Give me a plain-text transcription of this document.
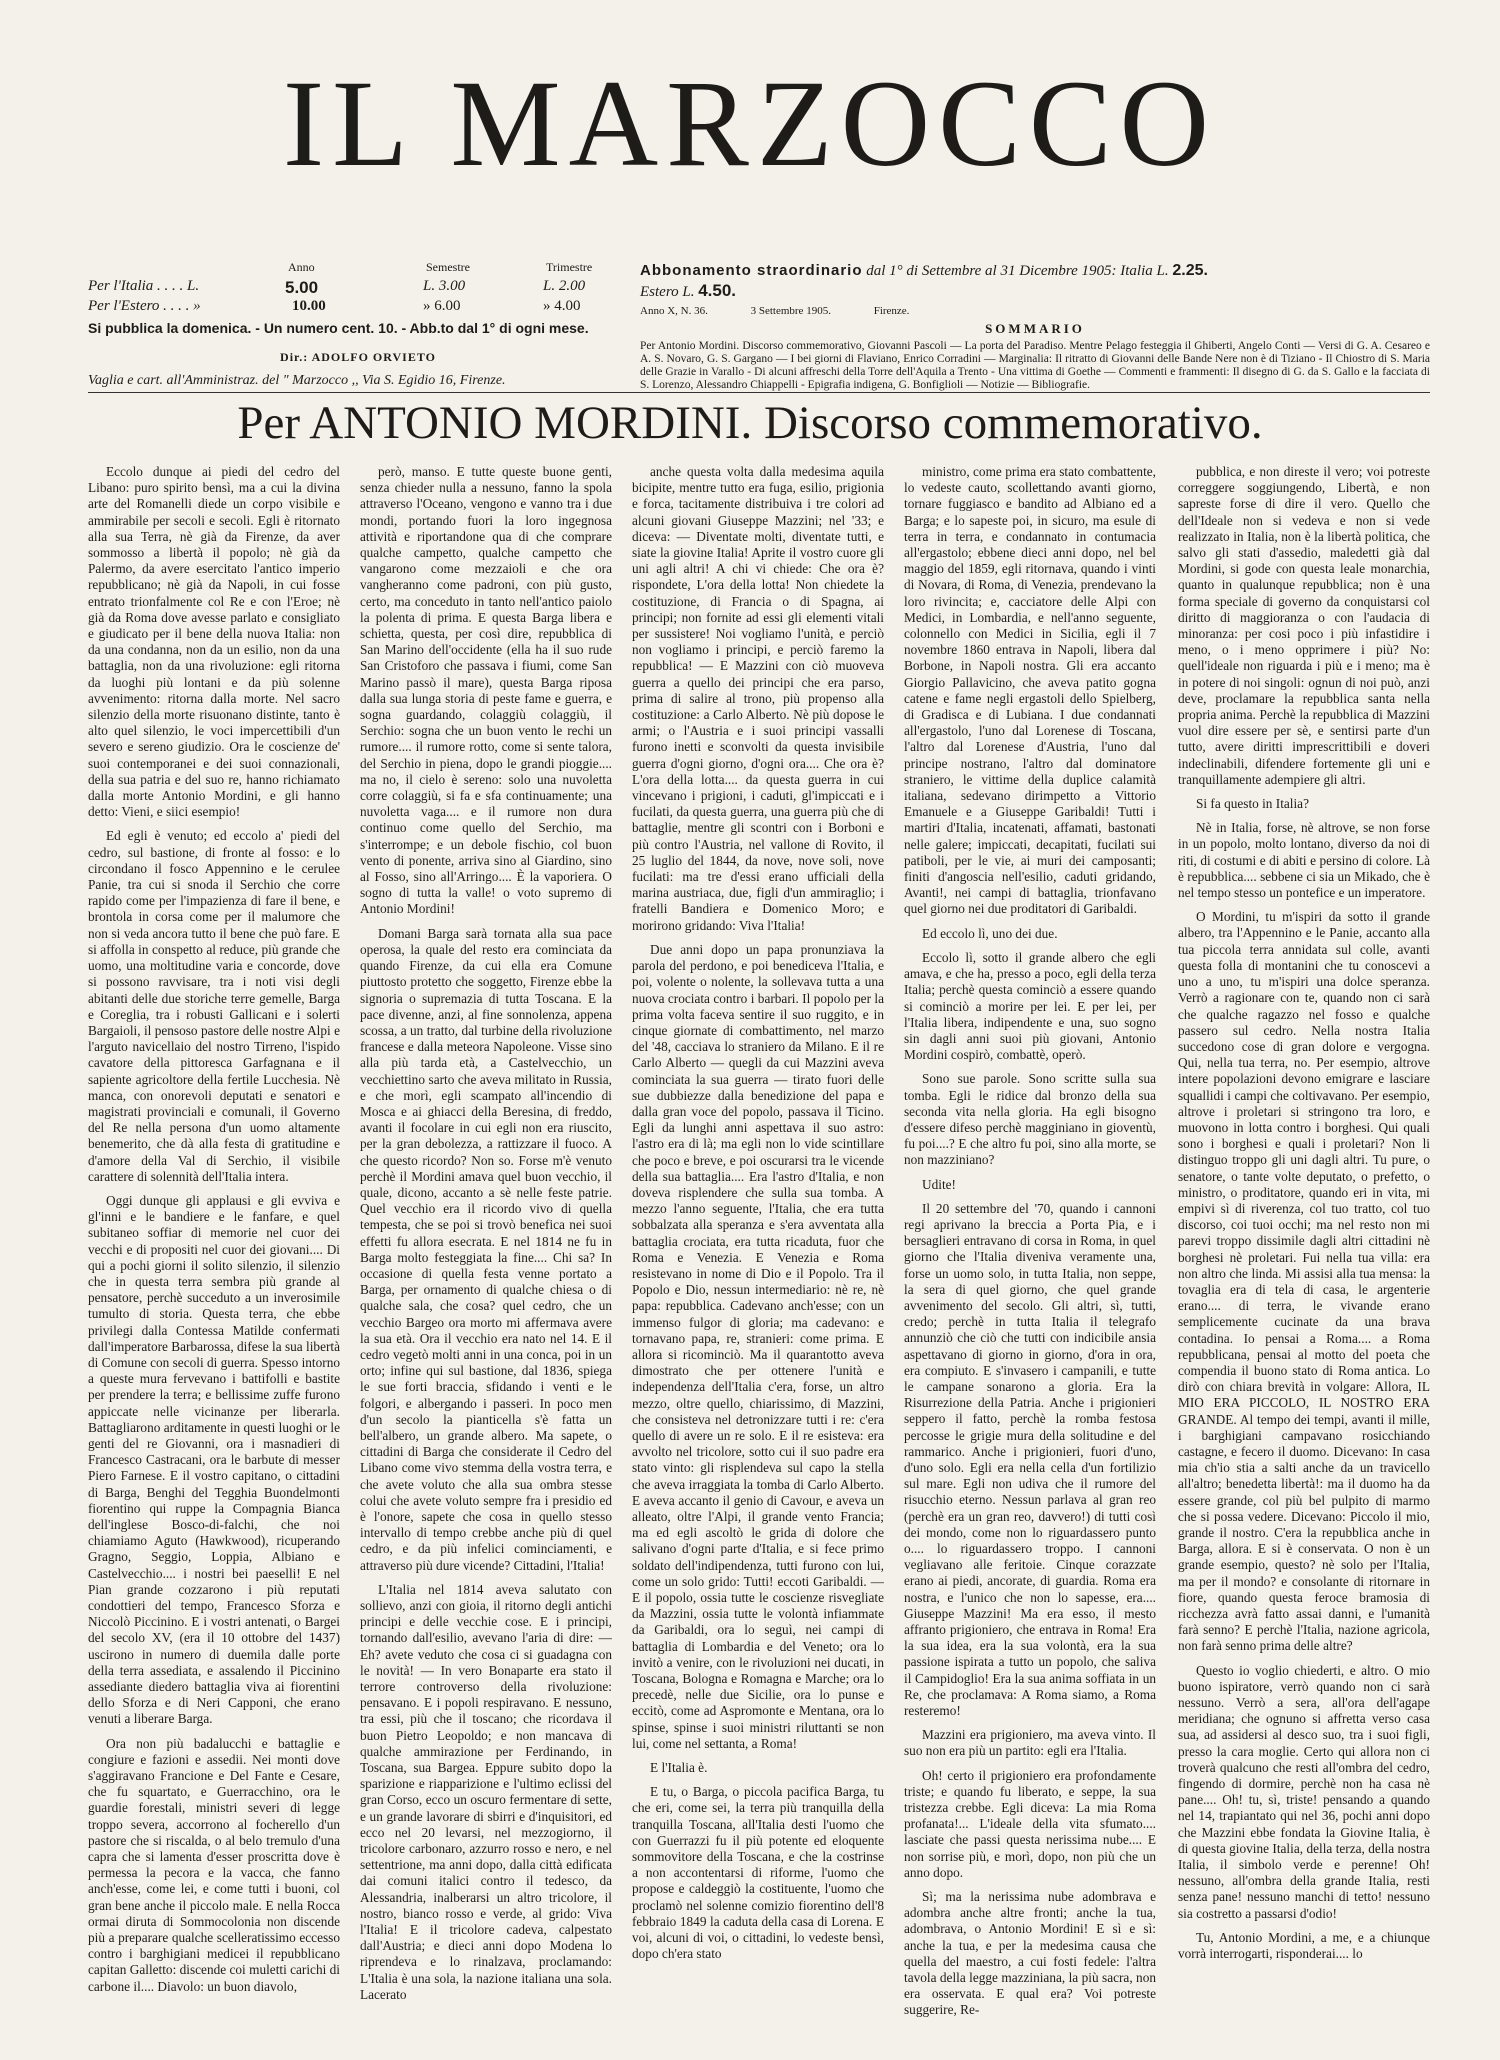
IL MARZOCCO
Anno	Semestre	Trimestre
Per l'Italia . . . . L.	5.00	L. 3.00	L. 2.00
Per l'Estero . . . . »	10.00	» 6.00	» 4.00
Si pubblica la domenica. - Un numero cent. 10. - Abb.to dal 1° di ogni mese.
Dir.: ADOLFO ORVIETO
Vaglia e cart. all'Amministraz. del " Marzocco ,, Via S. Egidio 16, Firenze.
Abbonamento straordinario dal 1° di Settembre al 31 Dicembre 1905: Italia L. 2.25.
Estero L. 4.50.
Anno X, N. 36.	3 Settembre 1905.	Firenze.
SOMMARIO
Per Antonio Mordini. Discorso commemorativo, Giovanni Pascoli — La porta del Paradiso. Mentre Pelago festeggia il Ghiberti, Angelo Conti — Versi di G. A. Cesareo e A. S. Novaro, G. S. Gargano — I bei giorni di Flaviano, Enrico Corradini — Marginalia: Il ritratto di Giovanni delle Bande Nere non è di Tiziano - Il Chiostro di S. Maria delle Grazie in Varallo - Di alcuni affreschi della Torre dell'Aquila a Trento - Una vittima di Goethe — Commenti e frammenti: Il disegno di G. da S. Gallo e la facciata di S. Lorenzo, Alessandro Chiappelli - Epigrafia indigena, G. Bonfiglioli — Notizie — Bibliografie.
Per ANTONIO MORDINI. Discorso commemorativo.

Eccolo dunque ai piedi del cedro del Libano: puro spirito bensì, ma a cui la divina arte del Romanelli diede un corpo visibile e ammirabile per secoli e secoli. Egli è ritornato alla sua Terra, nè già da Firenze, da aver sommosso a libertà il popolo; nè già da Palermo, da avere esercitato l'antico imperio repubblicano; nè già da Napoli, in cui fosse entrato trionfalmente col Re e con l'Eroe; nè già da Roma dove avesse parlato e consigliato e giudicato per il bene della nuova Italia: non da una condanna, non da un esilio, non da una battaglia, non da una rivoluzione: egli ritorna da luoghi più lontani e da più solenne avvenimento: ritorna dalla morte. Nel sacro silenzio della morte risuonano distinte, tanto è alto quel silenzio, le voci impercettibili d'un severo e sereno giudizio. Ora le coscienze de' suoi contemporanei e dei suoi connazionali, della sua patria e del suo re, hanno richiamato dalla morte Antonio Mordini, e gli hanno detto: Vieni, e siici esempio!

Ed egli è venuto; ed eccolo a' piedi del cedro, sul bastione, di fronte al fosso: e lo circondano il fosco Appennino e le cerulee Panie, tra cui si snoda il Serchio che corre rapido come per l'impazienza di fare il bene, e brontola in corsa come per il malumore che non si veda ancora tutto il bene che può fare. E si affolla in conspetto al reduce, più grande che uomo, una moltitudine varia e concorde, dove si possono ravvisare, tra i noti visi degli abitanti delle due storiche terre gemelle, Barga e Coreglia, tra i robusti Gallicani e i solerti Bargaioli, il pensoso pastore delle nostre Alpi e l'arguto navicellaio del nostro Tirreno, l'ispido cavatore della pittoresca Garfagnana e il sapiente agricoltore della fertile Lucchesia. Nè manca, con onorevoli deputati e senatori e magistrati provinciali e comunali, il Governo del Re nella persona d'un uomo altamente benemerito, che dà alla festa di gratitudine e d'amore della Val di Serchio, il visibile carattere di solennità dell'Italia intera.

Oggi dunque gli applausi e gli evviva e gl'inni e le bandiere e le fanfare, e quel subitaneo soffiar di memorie nel cuor dei vecchi e di propositi nel cuor dei giovani.... Di qui a pochi giorni il solito silenzio, il silenzio che in questa terra sembra più grande al pensatore, perchè succeduto a un inverosimile tumulto di storia. Questa terra, che ebbe privilegi dalla Contessa Matilde confermati dall'imperatore Barbarossa, difese la sua libertà di Comune con secoli di guerra. Spesso intorno a queste mura fervevano i battifolli e bastite per prendere la terra; e bellissime zuffe furono appiccate nelle vicinanze per liberarla. Battagliarono arditamente in questi luoghi or le genti del re Giovanni, ora i masnadieri di Francesco Castracani, ora le barbute di messer Piero Farnese. E il vostro capitano, o cittadini di Barga, Benghi del Tegghia Buondelmonti fiorentino qui ruppe la Compagnia Bianca dell'inglese Bosco-di-falchi, che noi chiamiamo Aguto (Hawkwood), ricuperando Gragno, Seggio, Loppia, Albiano e Castelvecchio.... i nostri bei paeselli! E nel Pian grande cozzarono i più reputati condottieri del tempo, Francesco Sforza e Niccolò Piccinino. E i vostri antenati, o Bargei del secolo XV, (era il 10 ottobre del 1437) uscirono in numero di duemila dalle porte della terra assediata, e assalendo il Piccinino assediante diedero battaglia viva ai fiorentini dello Sforza e di Neri Capponi, che erano venuti a liberare Barga.

Ora non più badalucchi e battaglie e congiure e fazioni e assedii. Nei monti dove s'aggiravano Francione e Del Fante e Cesare, che fu squartato, e Guerracchino, ora le guardie forestali, ministri severi di legge troppo severa, accorrono al focherello d'un pastore che si riscalda, o al belo tremulo d'una capra che si lamenta d'esser proscritta dove è permessa la pecora e la vacca, che fanno anch'esse, come lei, e come tutti i buoni, col gran bene anche il piccolo male. E nella Rocca ormai diruta di Sommocolonia non discende più a preparare qualche scelleratissimo eccesso contro i barghigiani medicei il repubblicano capitan Galletto: discende coi muletti carichi di carbone il.... Diavolo: un buon diavolo,

però, manso. E tutte queste buone genti, senza chieder nulla a nessuno, fanno la spola attraverso l'Oceano, vengono e vanno tra i due mondi, portando fuori la loro ingegnosa attività e riportandone qua di che comprare qualche campetto, qualche campetto che vangarono come mezzaioli e che ora vangheranno come padroni, con più gusto, certo, ma conceduto in tanto nell'antico paiolo la polenta di prima. E questa Barga libera e schietta, questa, per così dire, repubblica di San Marino dell'occidente (ella ha il suo rude San Cristoforo che passava i fiumi, come San Marino passò il mare), questa Barga riposa dalla sua lunga storia di peste fame e guerra, e sogna guardando, colaggiù colaggiù, il Serchio: sogna che un buon vento le rechi un rumore.... il rumore rotto, come si sente talora, del Serchio in piena, dopo le grandi pioggie.... ma no, il cielo è sereno: solo una nuvoletta corre colaggiù, si fa e sfa continuamente; una nuvoletta vaga.... e il rumore non dura continuo come quello del Serchio, ma s'interrompe; e un debole fischio, col buon vento di ponente, arriva sino al Giardino, sino al Fosso, sino all'Arringo.... È la vaporiera. O sogno di tutta la valle! o voto supremo di Antonio Mordini!

Domani Barga sarà tornata alla sua pace operosa, la quale del resto era cominciata da quando Firenze, da cui ella era Comune piuttosto protetto che soggetto, Firenze ebbe la signoria o supremazia di tutta Toscana. E la pace divenne, anzi, al fine sonnolenza, appena scossa, a un tratto, dal turbine della rivoluzione francese e dalla meteora Napoleone. Visse sino alla più tarda età, a Castelvecchio, un vecchiettino sarto che aveva militato in Russia, e che morì, egli scampato all'incendio di Mosca e ai ghiacci della Beresina, di freddo, avanti il focolare in cui egli non era riuscito, per la gran debolezza, a rattizzare il fuoco. A che questo ricordo? Non so. Forse m'è venuto perchè il Mordini amava quel buon vecchio, il quale, dicono, accanto a sè nelle feste patrie. Quel vecchio era il ricordo vivo di quella tempesta, che se poi si trovò benefica nei suoi effetti fu allora esecrata. E nel 1814 ne fu in Barga molto festeggiata la fine.... Chi sa? In occasione di quella festa venne portato a Barga, per ornamento di qualche chiesa o di qualche sala, che cosa? quel cedro, che un vecchio Bargeo ora morto mi affermava avere la sua età. Ora il vecchio era nato nel 14. E il cedro vegetò molti anni in una conca, poi in un orto; infine qui sul bastione, dal 1836, spiega le sue forti braccia, sfidando i venti e le folgori, e albergando i passeri. In poco men d'un secolo la pianticella s'è fatta un bell'albero, un grande albero. Ma sapete, o cittadini di Barga che considerate il Cedro del Libano come vivo stemma della vostra terra, e che avete voluto che alla sua ombra stesse colui che avete voluto sempre fra i presidio ed è l'onore, sapete che cosa in quello stesso intervallo di tempo crebbe anche più di quel cedro, e da più infelici cominciamenti, e attraverso più dure vicende? Cittadini, l'Italia!

L'Italia nel 1814 aveva salutato con sollievo, anzi con gioia, il ritorno degli antichi principi e delle vecchie cose. E i principi, tornando dall'esilio, avevano l'aria di dire: — Eh? avete veduto che cosa ci si guadagna con le novità! — In vero Bonaparte era stato il terrore controverso della rivoluzione: pensavano. E i popoli respiravano. E nessuno, tra essi, più che il toscano; che ricordava il buon Pietro Leopoldo; e non mancava di qualche ammirazione per Ferdinando, in Toscana, sua Bargea. Eppure subito dopo la sparizione e riapparizione e l'ultimo eclissi del gran Corso, ecco un oscuro fermentare di sette, e un grande lavorare di sbirri e d'inquisitori, ed ecco nel 20 levarsi, nel mezzogiorno, il tricolore carbonaro, azzurro rosso e nero, e nel settentrione, ma anni dopo, dalla città edificata dai comuni italici contro il tedesco, da Alessandria, inalberarsi un altro tricolore, il nostro, bianco rosso e verde, al grido: Viva l'Italia! E il tricolore cadeva, calpestato dall'Austria; e dieci anni dopo Modena lo riprendeva e lo rinalzava, proclamando: L'Italia è una sola, la nazione italiana una sola. Lacerato

anche questa volta dalla medesima aquila bicipite, mentre tutto era fuga, esilio, prigionia e forca, tacitamente distribuiva i tre colori ad alcuni giovani Giuseppe Mazzini; nel '33; e diceva: — Diventate molti, diventate tutti, e siate la giovine Italia! Aprite il vostro cuore gli uni agli altri! A chi vi chiede: Che ora è? rispondete, L'ora della lotta! Non chiedete la costituzione, di Francia o di Spagna, ai principi; non fornite ad essi gli elementi vitali per sussistere! Noi vogliamo l'unità, e perciò non vogliamo i principi, e perciò faremo la repubblica! — E Mazzini con ciò muoveva guerra a quello dei principi che era parso, prima di salire al trono, più propenso alla costituzione: a Carlo Alberto. Nè più dopose le armi; o l'Austria e i suoi principi vassalli furono inetti e sconvolti da questa invisibile guerra d'ogni giorno, d'ogni ora.... Che ora è? L'ora della lotta.... da questa guerra in cui vincevano i prigioni, i caduti, gl'impiccati e i fucilati, da questa guerra, una guerra più che di battaglie, mentre gli scontri con i Borboni e più contro l'Austria, nel vallone di Rovito, il 25 luglio del 1844, da nove, nove soli, nove fucilati: ma tre d'essi erano ufficiali della marina austriaca, due, figli d'un ammiraglio; i fratelli Bandiera e Domenico Moro; e morirono gridando: Viva l'Italia!

Due anni dopo un papa pronunziava la parola del perdono, e poi benediceva l'Italia, e poi, volente o nolente, la sollevava tutta a una nuova crociata contro i barbari. Il popolo per la prima volta faceva sentire il suo ruggito, e in cinque giornate di combattimento, nel marzo del '48, cacciava lo straniero da Milano. E il re Carlo Alberto — quegli da cui Mazzini aveva cominciata la sua guerra — tirato fuori delle sue dubbiezze dalla benedizione del papa e dalla gran voce del popolo, passava il Ticino. Egli da lunghi anni aspettava il suo astro: l'astro era di là; ma egli non lo vide scintillare che poco e breve, e poi oscurarsi tra le vicende della sua battaglia.... Era l'astro d'Italia, e non doveva risplendere che sulla sua tomba. A mezzo l'anno seguente, l'Italia, che era tutta sobbalzata alla speranza e s'era avventata alla battaglia crociata, era tutta ricaduta, fuor che Roma e Venezia. E Venezia e Roma resistevano in nome di Dio e il Popolo. Tra il Popolo e Dio, nessun intermediario: nè re, nè papa: repubblica. Cadevano anch'esse; con un immenso fulgor di gloria; ma cadevano: e tornavano papa, re, stranieri: come prima. E allora si ricominciò. Ma il quarantotto aveva dimostrato che per ottenere l'unità e independenza dell'Italia c'era, forse, un altro mezzo, oltre quello, chiarissimo, di Mazzini, che consisteva nel detronizzare tutti i re: c'era quello di avere un re solo. E il re esisteva: era avvolto nel tricolore, sotto cui il suo padre era stato vinto: gli risplendeva sul capo la stella che aveva irraggiata la tomba di Carlo Alberto. E aveva accanto il genio di Cavour, e aveva un alleato, oltre l'Alpi, il grande vento Francia; ma ed egli ascoltò le grida di dolore che salivano d'ogni parte d'Italia, e si fece primo soldato dell'indipendenza, tutti furono con lui, come un solo grido: Tutti! eccoti Garibaldi. — E il popolo, ossia tutte le coscienze risvegliate da Mazzini, ossia tutte le volontà infiammate da Garibaldi, ora lo seguì, nei campi di battaglia di Lombardia e del Veneto; ora lo invitò a venire, con le rivoluzioni nei ducati, in Toscana, Bologna e Romagna e Marche; ora lo precedè, nelle due Sicilie, ora lo punse e eccitò, come ad Aspromonte e Mentana, ora lo spinse, spinse i suoi ministri riluttanti se non lui, come nel settanta, a Roma!

E l'Italia è.

E tu, o Barga, o piccola pacifica Barga, tu che eri, come sei, la terra più tranquilla della tranquilla Toscana, all'Italia desti l'uomo che con Guerrazzi fu il più potente ed eloquente sommovitore della Toscana, e che la costrinse a non accontentarsi di riforme, l'uomo che propose e caldeggiò la costituente, l'uomo che proclamò nel solenne comizio fiorentino dell'8 febbraio 1849 la caduta della casa di Lorena. E voi, alcuni di voi, o cittadini, lo vedeste bensì, dopo ch'era stato

ministro, come prima era stato combattente, lo vedeste cauto, scollettando avanti giorno, tornare fuggiasco e bandito ad Albiano ed a Barga; e lo sapeste poi, in sicuro, ma esule di terra in terra, e condannato in contumacia all'ergastolo; ebbene dieci anni dopo, nel bel maggio del 1859, egli ritornava, quando i vinti di Novara, di Roma, di Venezia, prendevano la loro rivincita; e, cacciatore delle Alpi con Medici, in Lombardia, e nell'anno seguente, colonnello con Medici in Sicilia, egli il 7 novembre 1860 entrava in Napoli, libera dal Borbone, in Napoli nostra. Gli era accanto Giorgio Pallavicino, che aveva patito gogna catene e fame negli ergastoli dello Spielberg, di Gradisca e di Lubiana. I due condannati all'ergastolo, l'uno dal Lorenese di Toscana, l'altro dal Lorenese d'Austria, l'uno dal principe nostrano, l'altro dal dominatore straniero, le vittime della duplice calamità italiana, sedevano dirimpetto a Vittorio Emanuele e a Giuseppe Garibaldi! Tutti i martiri d'Italia, incatenati, affamati, bastonati nelle galere; impiccati, decapitati, fucilati sui patiboli, per le vie, ai muri dei camposanti; finiti d'angoscia nell'esilio, caduti gridando, Avanti!, nei campi di battaglia, trionfavano quel giorno nei due proditatori di Garibaldi.

Ed eccolo lì, uno dei due.

Eccolo lì, sotto il grande albero che egli amava, e che ha, presso a poco, egli della terza Italia; perchè questa cominciò a essere quando si cominciò a morire per lei. E per lei, per l'Italia libera, indipendente e una, suo sogno sin dagli anni suoi più giovani, Antonio Mordini cospirò, combattè, operò.

Sono sue parole. Sono scritte sulla sua tomba. Egli le ridice dal bronzo della sua seconda vita nella gloria. Ha egli bisogno d'essere difeso perchè magginiano in gioventù, fu poi....? E che altro fu poi, sino alla morte, se non mazziniano?

Udite!

Il 20 settembre del '70, quando i cannoni regi aprivano la breccia a Porta Pia, e i bersaglieri entravano di corsa in Roma, in quel giorno che l'Italia diveniva veramente una, forse un uomo solo, in tutta Italia, non seppe, la sera di quel giorno, che quel grande avvenimento del secolo. Gli altri, sì, tutti, credo; perchè in tutta Italia il telegrafo annunziò che ciò che tutti con indicibile ansia aspettavano di giorno in giorno, d'ora in ora, era compiuto. E s'invasero i campanili, e tutte le campane sonarono a gloria. Era la Risurrezione della Patria. Anche i prigionieri seppero il fatto, perchè la romba festosa percosse le grigie mura della solitudine e del rammarico. Anche i prigionieri, fuori d'uno, d'uno solo. Egli era nella cella d'un fortilizio sul mare. Egli non udiva che il rumore del risucchio eterno. Nessun parlava al gran reo (perchè era un gran reo, davvero!) di tutti così dei mondo, come non lo riguardassero punto o.... lo riguardassero troppo. I cannoni vegliavano alle feritoie. Cinque corazzate erano ai piedi, ancorate, di guardia. Roma era nostra, e l'unico che non lo sapesse, era.... Giuseppe Mazzini! Ma era esso, il mesto affranto prigioniero, che entrava in Roma! Era la sua idea, era la sua volontà, era la sua passione ispirata a tutto un popolo, che saliva il Campidoglio! Era la sua anima soffiata in un Re, che proclamava: A Roma siamo, a Roma resteremo!

Mazzini era prigioniero, ma aveva vinto. Il suo non era più un partito: egli era l'Italia.

Oh! certo il prigioniero era profondamente triste; e quando fu liberato, e seppe, la sua tristezza crebbe. Egli diceva: La mia Roma profanata!... L'ideale della vita sfumato.... lasciate che passi questa nerissima nube.... E non sorrise più, e morì, dopo, non più che un anno dopo.

Sì; ma la nerissima nube adombrava e adombra anche altre fronti; anche la tua, adombrava, o Antonio Mordini! E sì e sì: anche la tua, e per la medesima causa che quella del maestro, a cui fosti fedele: l'altra tavola della legge mazziniana, la più sacra, non era osservata. E qual era? Voi potreste suggerire, Re-

pubblica, e non direste il vero; voi potreste correggere soggiungendo, Libertà, e non sapreste forse di dire il vero. Quello che dell'Ideale non si vedeva e non si vede realizzato in Italia, non è la libertà politica, che salvo gli stati d'assedio, maledetti già dal Mordini, si gode con questa leale monarchia, quanto in qualunque repubblica; non è una forma speciale di governo da conquistarsi col diritto di maggioranza o con l'audacia di minoranza: per cosi poco i più infastidire i meno, o i meno opprimere i più? No: quell'ideale non riguarda i più e i meno; ma è in potere di noi singoli: ognun di noi può, anzi deve, proclamare la repubblica santa nella propria anima. Perchè la repubblica di Mazzini vuol dire essere per sè, e sentirsi parte d'un tutto, avere diritti imprescrittibili e doveri indeclinabili, difendere fortemente gli uni e tranquillamente adempiere gli altri.

Si fa questo in Italia?

Nè in Italia, forse, nè altrove, se non forse in un popolo, molto lontano, diverso da noi di riti, di costumi e di abiti e persino di colore. Là è repubblica.... sebbene ci sia un Mikado, che è nel tempo stesso un pontefice e un imperatore.

O Mordini, tu m'ispiri da sotto il grande albero, tra l'Appennino e le Panie, accanto alla tua piccola terra annidata sul colle, avanti questa folla di montanini che tu conoscevi a uno a uno, tu m'ispiri una dolce speranza. Verrò a ragionare con te, quando non ci sarà che qualche ragazzo nel fosso e qualche passero sul cedro. Nella nostra Italia succedono cose di gran dolore e vergogna. Qui, nella tua terra, no. Per esempio, altrove intere popolazioni devono emigrare e lasciare squallidi i campi che coltivavano. Per esempio, altrove i proletari si stringono tra loro, e muovono in lotta contro i borghesi. Qui quali sono i borghesi e quali i proletari? Non li distinguo troppo gli uni dagli altri. Tu pure, o senatore, o tante volte deputato, o prefetto, o ministro, o proditatore, quando eri in vita, mi empivi sì di riverenza, col tuo tratto, col tuo discorso, coi tuoi occhi; ma nel resto non mi parevi troppo dissimile dagli altri cittadini nè borghesi nè proletari. Fui nella tua villa: era non altro che linda. Mi assisi alla tua mensa: la tovaglia era di tela di casa, le argenterie erano.... di terra, le vivande erano semplicemente cucinate da una brava contadina. Io pensai a Roma.... a Roma repubblicana, pensai al motto del poeta che compendia il buono stato di Roma antica. Lo dirò con chiara brevità in volgare: Allora, IL MIO ERA PICCOLO, IL NOSTRO ERA GRANDE. Al tempo dei tempi, avanti il mille, i barghigiani campavano rosicchiando castagne, e fecero il duomo. Dicevano: In casa mia ch'io stia a salti anche da un travicello all'altro; benedetta libertà!: ma il duomo ha da essere grande, col più bel pulpito di marmo che si possa vedere. Dicevano: Piccolo il mio, grande il nostro. C'era la repubblica anche in Barga, allora. E si è conservata. O non è un grande esempio, questo? nè solo per l'Italia, ma per il mondo? e consolante di ritornare in fiore, quando questa feroce bramosia di ricchezza avrà fatto assai danni, e l'umanità farà senno? E perchè l'Italia, nazione agricola, non farà senno prima delle altre?

Questo io voglio chiederti, e altro. O mio buono ispiratore, verrò quando non ci sarà nessuno. Verrò a sera, all'ora dell'agape meridiana; che ognuno si affretta verso casa sua, ad assidersi al desco suo, tra i suoi figli, presso la cara moglie. Certo qui allora non ci troverà qualcuno che resti all'ombra del cedro, fingendo di dormire, perchè non ha casa nè pane.... Oh! tu, sì, triste! pensando a quando nel 14, trapiantato qui nel 36, pochi anni dopo che Mazzini ebbe fondata la Giovine Italia, è di questa giovine Italia, della terza, della nostra Italia, il simbolo verde e perenne! Oh! nessuno, all'ombra della grande Italia, resti senza pane! nessuno manchi di tetto! nessuno sia costretto a passarsi d'odio!

Tu, Antonio Mordini, a me, e a chiunque vorrà interrogarti, risponderai.... lo
